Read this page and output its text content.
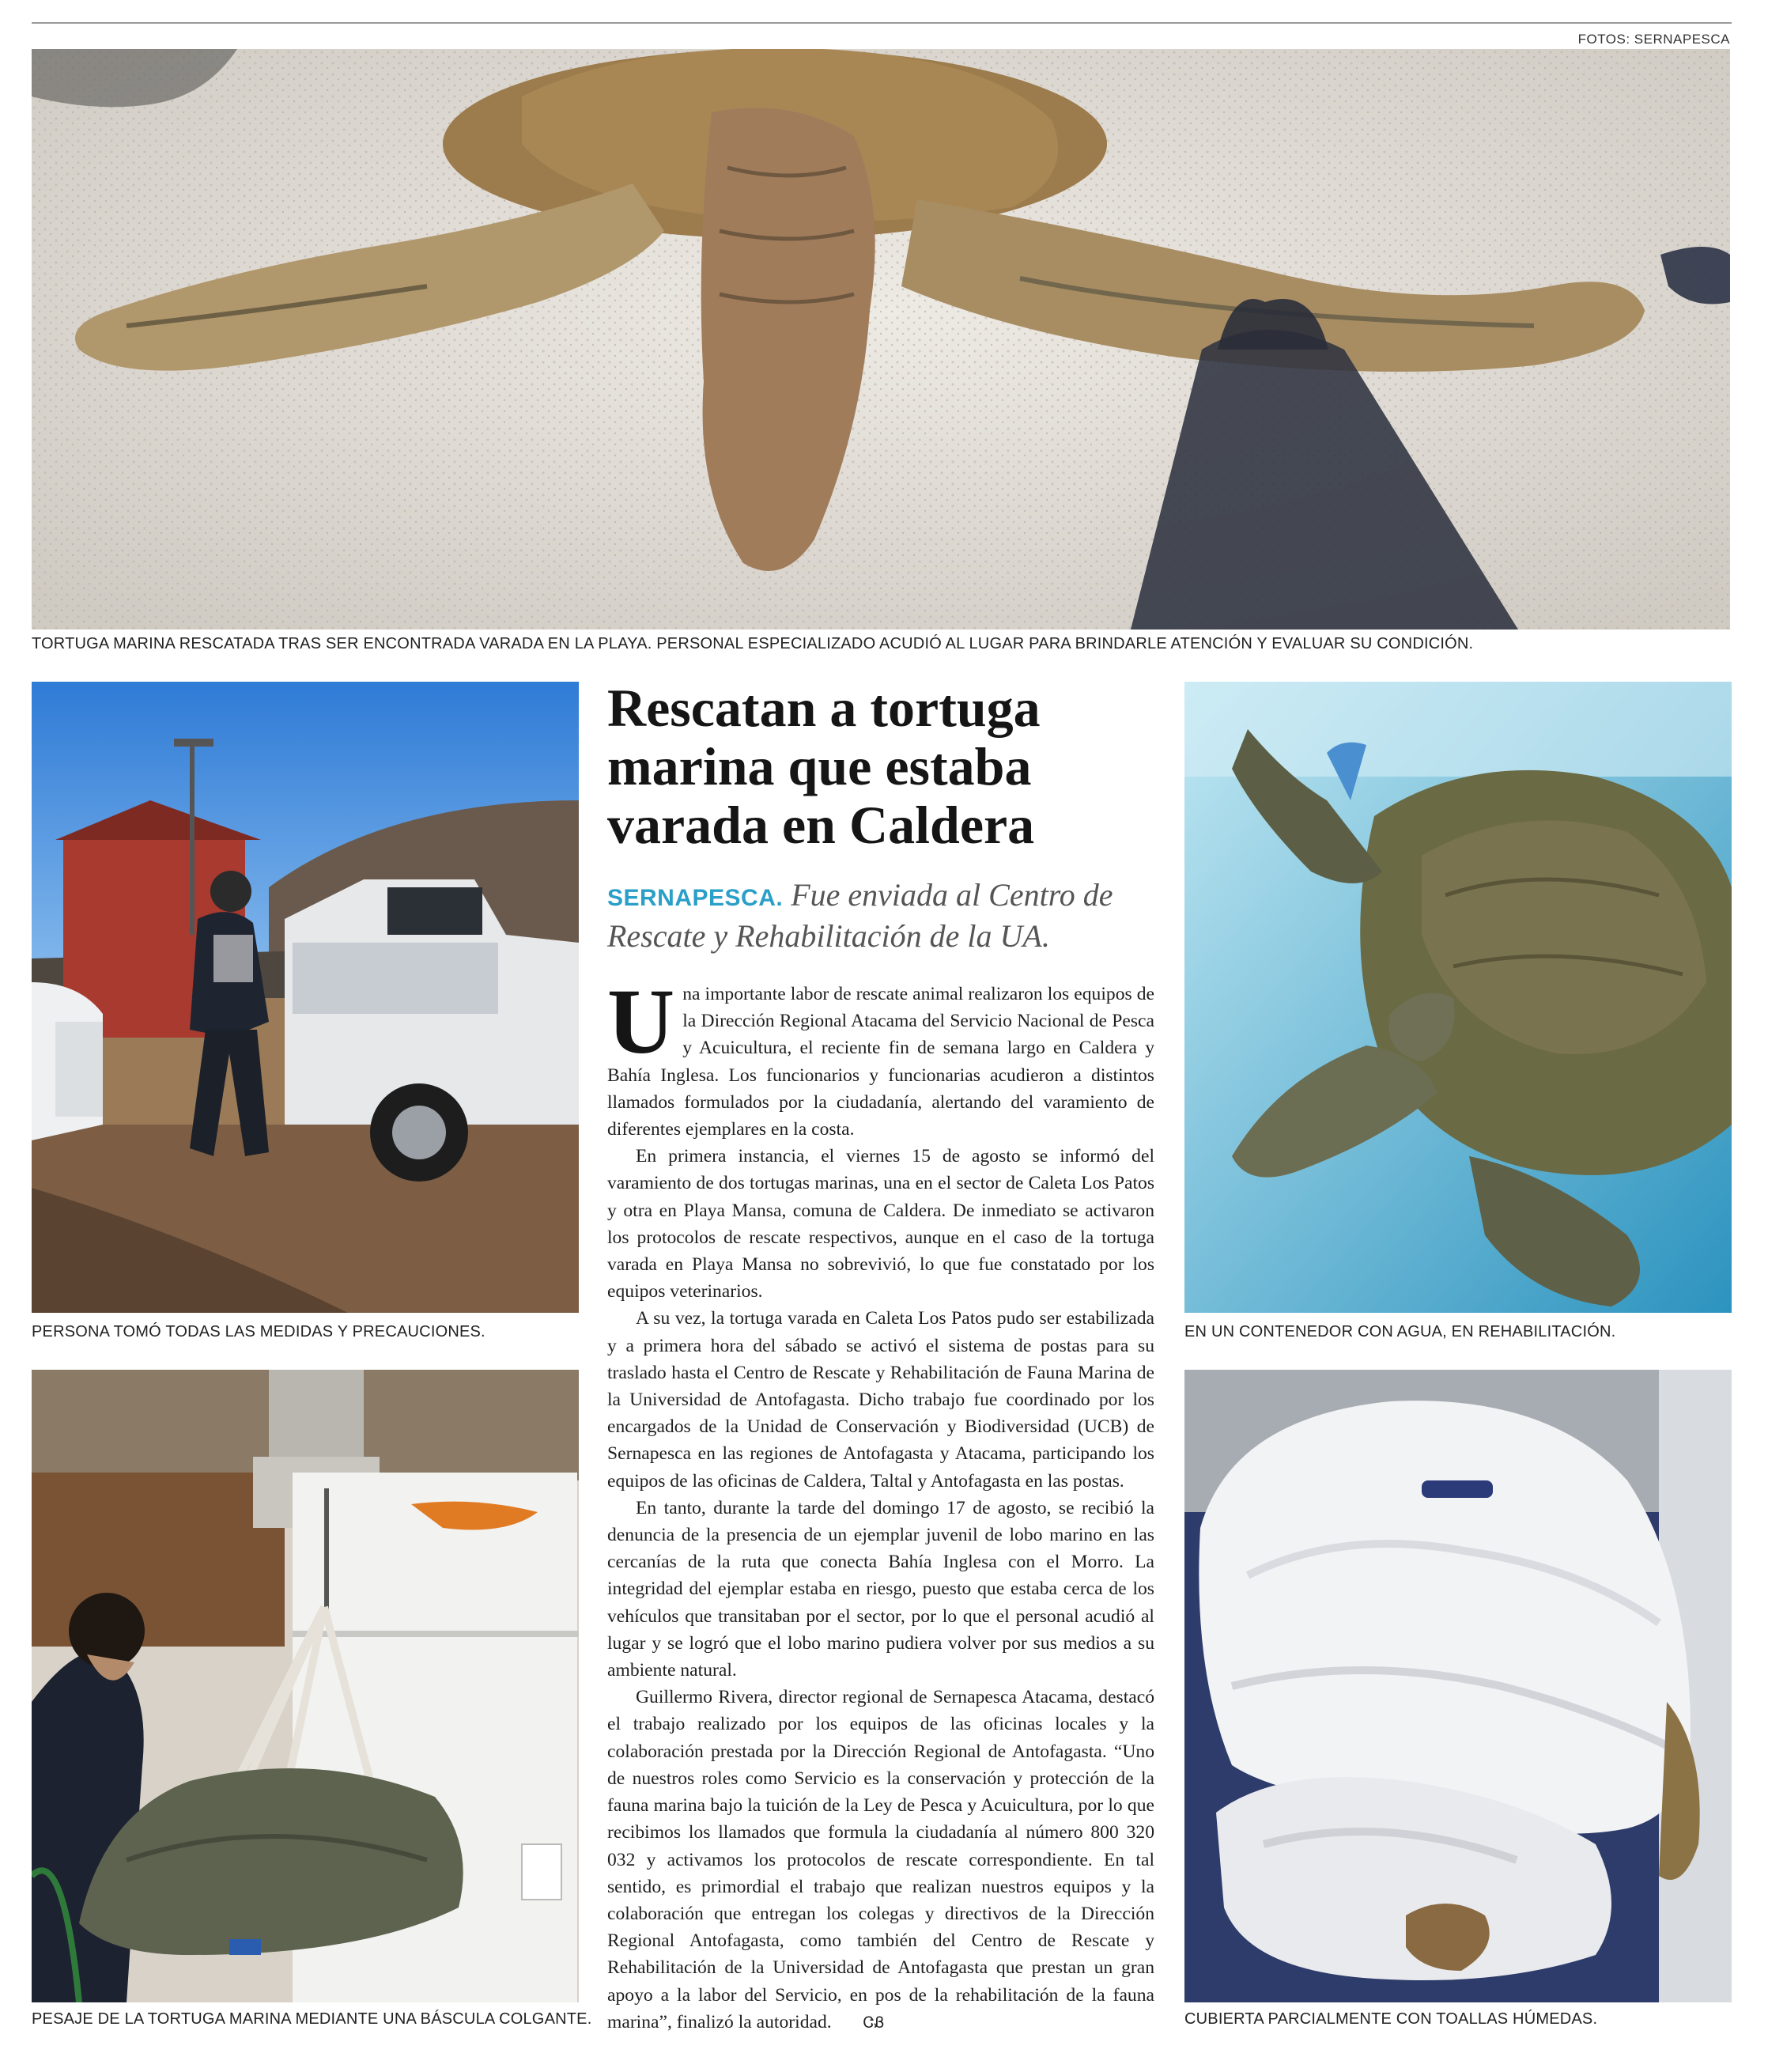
FOTOS: SERNAPESCA
TORTUGA MARINA RESCATADA TRAS SER ENCONTRADA VARADA EN LA PLAYA. PERSONAL ESPECIALIZADO ACUDIÓ AL LUGAR PARA BRINDARLE ATENCIÓN Y EVALUAR SU CONDICIÓN.
PERSONA TOMÓ TODAS LAS MEDIDAS Y PRECAUCIONES.
PESAJE DE LA TORTUGA MARINA MEDIANTE UNA BÁSCULA COLGANTE.
Rescatan a tortuga marina que estaba varada en Caldera
SERNAPESCA. Fue enviada al Centro de Rescate y Rehabilitación de la UA.
U na importante labor de rescate animal realizaron los equipos de la Dirección Regional Atacama del Servicio Nacional de Pesca y Acuicultura, el reciente fin de semana largo en Caldera y Bahía Inglesa. Los funcionarios y funcionarias acudieron a distintos llamados formulados por la ciudadanía, alertando del varamiento de diferentes ejemplares en la costa.

En primera instancia, el viernes 15 de agosto se informó del varamiento de dos tortugas marinas, una en el sector de Caleta Los Patos y otra en Playa Mansa, comuna de Caldera. De inmediato se activaron los protocolos de rescate respectivos, aunque en el caso de la tortuga varada en Playa Mansa no sobrevivió, lo que fue constatado por los equipos veterinarios.

A su vez, la tortuga varada en Caleta Los Patos pudo ser estabilizada y a primera hora del sábado se activó el sistema de postas para su traslado hasta el Centro de Rescate y Rehabilitación de Fauna Marina de la Universidad de Antofagasta. Dicho trabajo fue coordinado por los encargados de la Unidad de Conservación y Biodiversidad (UCB) de Sernapesca en las regiones de Antofagasta y Atacama, participando los equipos de las oficinas de Caldera, Taltal y Antofagasta en las postas.

En tanto, durante la tarde del domingo 17 de agosto, se recibió la denuncia de la presencia de un ejemplar juvenil de lobo marino en las cercanías de la ruta que conecta Bahía Inglesa con el Morro. La integridad del ejemplar estaba en riesgo, puesto que estaba cerca de los vehículos que transitaban por el sector, por lo que el personal acudió al lugar y se logró que el lobo marino pudiera volver por sus medios a su ambiente natural.

Guillermo Rivera, director regional de Sernapesca Atacama, destacó el trabajo realizado por los equipos de las oficinas locales y la colaboración prestada por la Dirección Regional de Antofagasta. “Uno de nuestros roles como Servicio es la conservación y protección de la fauna marina bajo la tuición de la Ley de Pesca y Acuicultura, por lo que recibimos los llamados que formula la ciudadanía al número 800 320 032 y activamos los protocolos de rescate correspondiente. En tal sentido, es primordial el trabajo que realizan nuestros equipos y la colaboración que entregan los colegas y directivos de la Dirección Regional Antofagasta, como también del Centro de Rescate y Rehabilitación de la Universidad de Antofagasta que prestan un gran apoyo a la labor del Servicio, en pos de la rehabilitación de la fauna marina”, finalizó la autoridad. ᏣᏰ

EN UN CONTENEDOR CON AGUA, EN REHABILITACIÓN.
CUBIERTA PARCIALMENTE CON TOALLAS HÚMEDAS.
